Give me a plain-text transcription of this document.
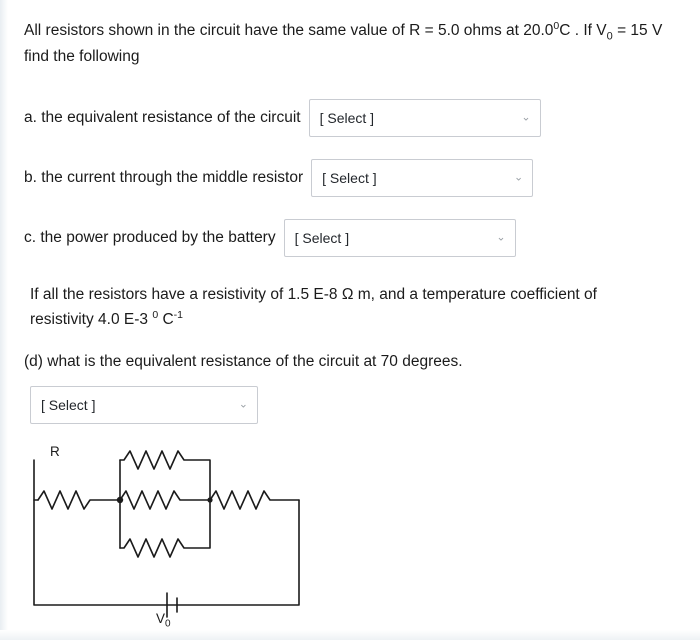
All resistors shown in the circuit have the same value of R = 5.0 ohms at 20.0$^0$C . If $V_0 = 15$ V find the following

a. the equivalent resistance of the circuit	[ Select ]	⌄
b. the current through the middle resistor	[ Select ]	⌄
c. the power produced by the battery	[ Select ]	⌄

If all the resistors have a resistivity of 1.5 E-8 Ω m, and a temperature coefficient of
resistivity 4.0 E-3 $^0$ $C^{-1}$

(d) what is the equivalent resistance of the circuit at 70 degrees.

[ Select ]	⌄
R
$V_0$
